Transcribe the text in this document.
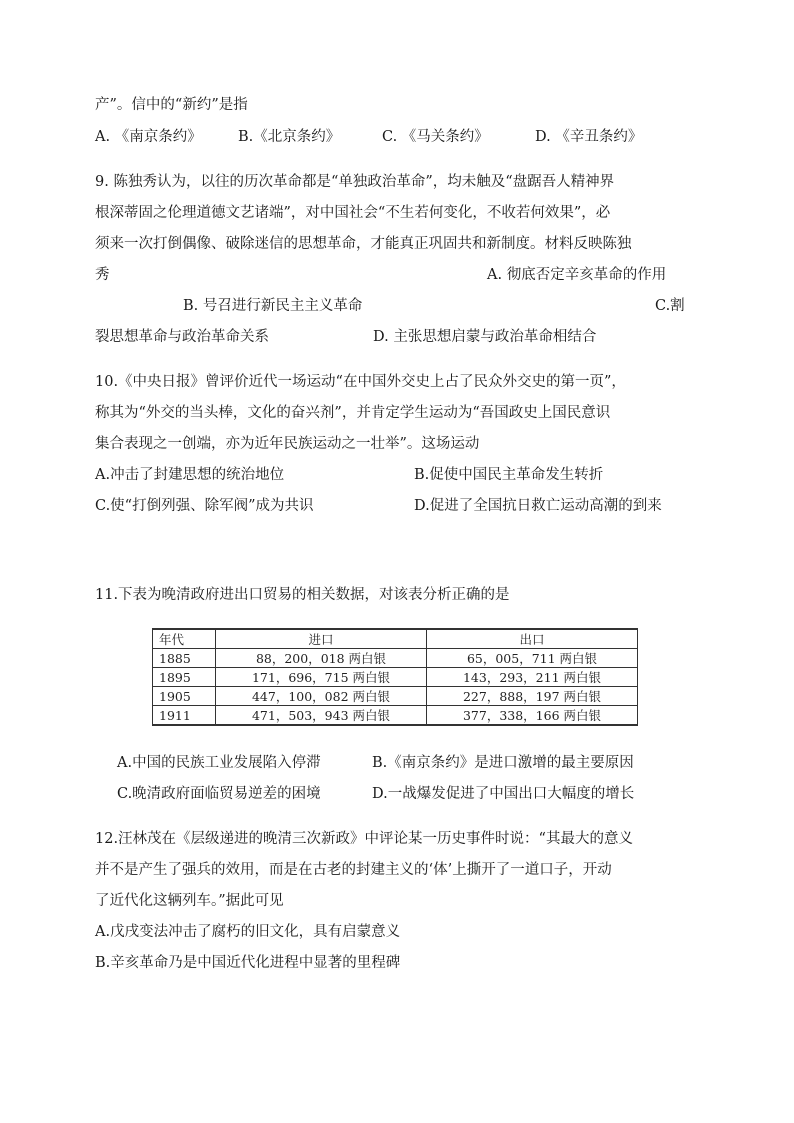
产”。信中的“新约”是指
A. 《南京条约》	B.《北京条约》	C. 《马关条约》	D. 《辛丑条约》
9. 陈独秀认为，以往的历次革命都是“单独政治革命”，均未触及“盘踞吾人精神界
根深蒂固之伦理道德文艺诸端”，对中国社会“不生若何变化，不收若何效果”，必
须来一次打倒偶像、破除迷信的思想革命，才能真正巩固共和新制度。材料反映陈独
秀	A. 彻底否定辛亥革命的作用
B. 号召进行新民主主义革命	C.割
裂思想革命与政治革命关系	D. 主张思想启蒙与政治革命相结合
10.《中央日报》曾评价近代一场运动“在中国外交史上占了民众外交史的第一页”，
称其为“外交的当头棒，文化的奋兴剂”，并肯定学生运动为“吾国政史上国民意识
集合表现之一创端，亦为近年民族运动之一壮举”。这场运动
A.冲击了封建思想的统治地位	B.促使中国民主革命发生转折
C.使“打倒列强、除军阀”成为共识	D.促进了全国抗日救亡运动高潮的到来
11.下表为晚清政府进出口贸易的相关数据，对该表分析正确的是
年代	进口	出口
1885	88，200，018 两白银	65，005，711 两白银
1895	171，696，715 两白银	143，293，211 两白银
1905	447，100，082 两白银	227，888，197 两白银
1911	471，503，943 两白银	377，338，166 两白银
A.中国的民族工业发展陷入停滞	B.《南京条约》是进口激增的最主要原因
C.晚清政府面临贸易逆差的困境	D.一战爆发促进了中国出口大幅度的增长
12.汪林茂在《层级递进的晚清三次新政》中评论某一历史事件时说：“其最大的意义
并不是产生了强兵的效用，而是在古老的封建主义的‘体’上撕开了一道口子，开动
了近代化这辆列车。”据此可见
A.戊戌变法冲击了腐朽的旧文化，具有启蒙意义
B.辛亥革命乃是中国近代化进程中显著的里程碑
